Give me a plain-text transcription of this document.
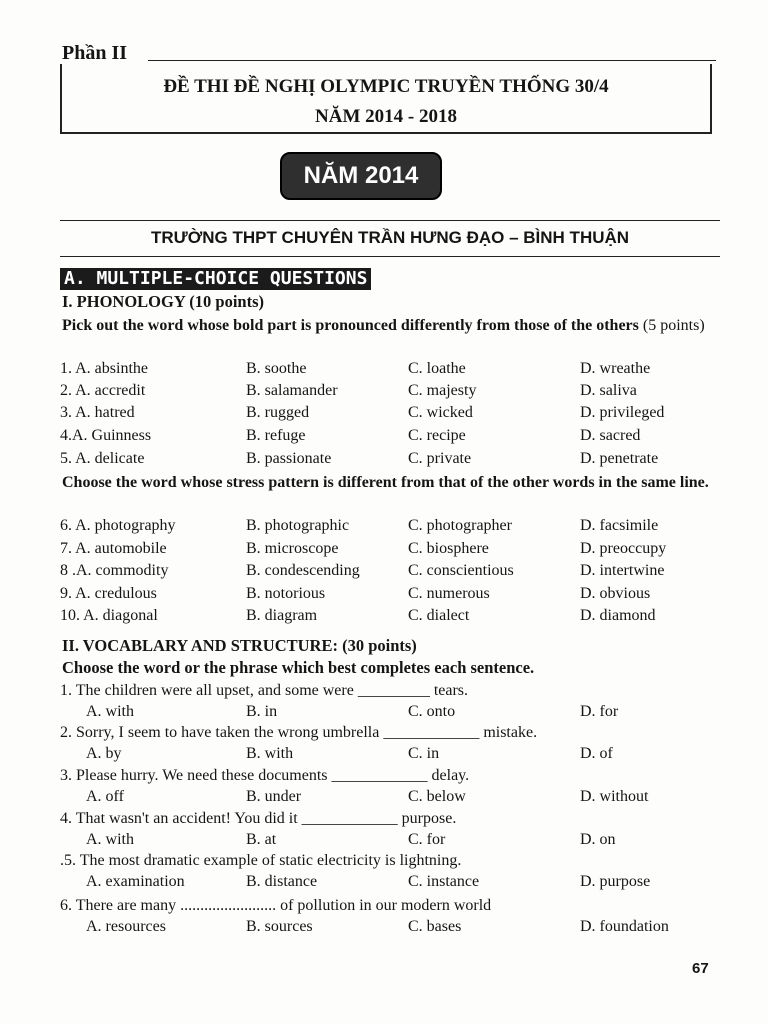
Phần II
ĐỀ THI ĐỀ NGHỊ OLYMPIC TRUYỀN THỐNG 30/4
NĂM 2014 - 2018
NĂM 2014
TRƯỜNG THPT CHUYÊN TRẦN HƯNG ĐẠO – BÌNH THUẬN
A. MULTIPLE-CHOICE QUESTIONS
I. PHONOLOGY (10 points)
Pick out the word whose bold part is pronounced differently from those of the others (5 points)
1. A. absinthe	B. soothe	C. loathe	D. wreathe
2. A. accredit	B. salamander	C. majesty	D. saliva
3. A. hatred	B. rugged	C. wicked	D. privileged
4.A. Guinness	B. refuge	C. recipe	D. sacred
5. A. delicate	B. passionate	C. private	D. penetrate
Choose the word whose stress pattern is different from that of the other words in the same line.
6. A. photography	B. photographic	C. photographer	D. facsimile
7. A. automobile	B. microscope	C. biosphere	D. preoccupy
8 .A. commodity	B. condescending	C. conscientious	D. intertwine
9. A. credulous	B. notorious	C. numerous	D. obvious
10. A. diagonal	B. diagram	C. dialect	D. diamond
II. VOCABLARY AND STRUCTURE: (30 points)
Choose the word or the phrase which best completes each sentence.
1. The children were all upset, and some were _________ tears.
A. with	B. in	C. onto	D. for
2. Sorry, I seem to have taken the wrong umbrella ____________ mistake.
A. by	B. with	C. in	D. of
3. Please hurry. We need these documents ____________ delay.
A. off	B. under	C. below	D. without
4. That wasn't an accident! You did it ____________ purpose.
A. with	B. at	C. for	D. on
.5. The most dramatic example of static electricity is lightning.
A. examination	B. distance	C. instance	D. purpose
6. There are many ........................ of pollution in our modern world
A. resources	B. sources	C. bases	D. foundation
67
